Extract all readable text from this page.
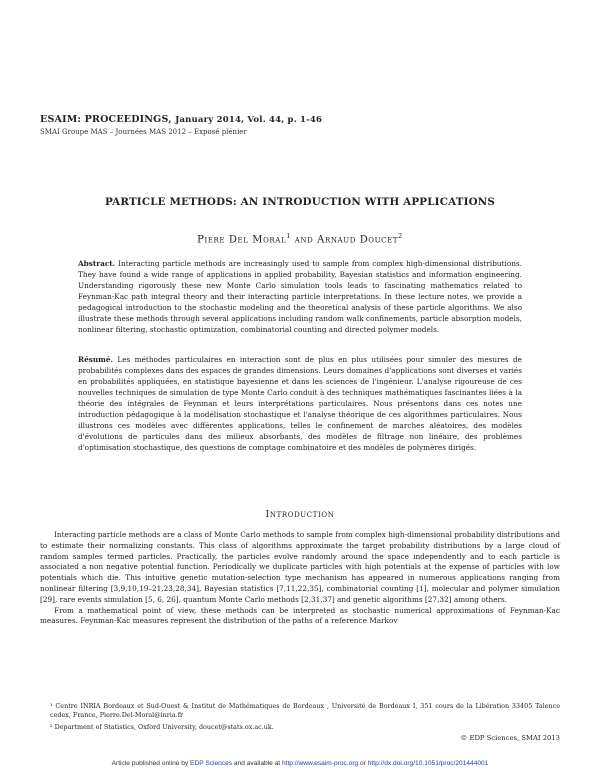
ESAIM: PROCEEDINGS, January 2014, Vol. 44, p. 1-46
SMAI Groupe MAS – Journées MAS 2012 – Exposé plénier
PARTICLE METHODS: AN INTRODUCTION WITH APPLICATIONS
Piere Del Moral$^1$ and Arnaud Doucet$^2$
Abstract. Interacting particle methods are increasingly used to sample from complex high-dimensional distributions. They have found a wide range of applications in applied probability, Bayesian statistics and information engineering. Understanding rigorously these new Monte Carlo simulation tools leads to fascinating mathematics related to Feynman-Kac path integral theory and their interacting particle interpretations. In these lecture notes, we provide a pedagogical introduction to the stochastic modeling and the theoretical analysis of these particle algorithms. We also illustrate these methods through several applications including random walk confinements, particle absorption models, nonlinear filtering, stochastic optimization, combinatorial counting and directed polymer models.
Résumé. Les méthodes particulaires en interaction sont de plus en plus utilisées pour simuler des mesures de probabilités complexes dans des espaces de grandes dimensions. Leurs domaines d'applications sont diverses et variés en probabilités appliquées, en statistique bayesienne et dans les sciences de l'ingénieur. L'analyse rigoureuse de ces nouvelles techniques de simulation de type Monte Carlo conduit à des techniques mathématiques fascinantes liées à la théorie des intégrales de Feynman et leurs interprétations particulaires. Nous présentons dans ces notes une introduction pédagogique à la modélisation stochastique et l'analyse théorique de ces algorithmes particulaires. Nous illustrons ces modèles avec différentes applications, telles le confinement de marches aléatoires, des modèles d'évolutions de particules dans des milieux absorbants, des modèles de filtrage non linéaire, des problèmes d'optimisation stochastique, des questions de comptage combinatoire et des modèles de polymères dirigés.
Introduction

Interacting particle methods are a class of Monte Carlo methods to sample from complex high-dimensional probability distributions and to estimate their normalizing constants. This class of algorithms approximate the target probability distributions by a large cloud of random samples termed particles. Practically, the particles evolve randomly around the space independently and to each particle is associated a non negative potential function. Periodically we duplicate particles with high potentials at the expense of particles with low potentials which die. This intuitive genetic mutation-selection type mechanism has appeared in numerous applications ranging from nonlinear filtering [3,9,10,19–21,23,28,34], Bayesian statistics [7,11,22,35], combinatorial counting [1], molecular and polymer simulation [29], rare events simulation [5, 6, 26], quantum Monte Carlo methods [2,31,37] and genetic algorithms [27,32] among others.

From a mathematical point of view, these methods can be interpreted as stochastic numerical approximations of Feynman-Kac measures. Feynman-Kac measures represent the distribution of the paths of a reference Markov

¹ Centre INRIA Bordeaux et Sud-Ouest & Institut de Mathématiques de Bordeaux , Université de Bordeaux I, 351 cours de la Libération 33405 Talence cedex, France, Pierre.Del-Moral@inria.fr

² Department of Statistics, Oxford University, doucet@stats.ox.ac.uk.

© EDP Sciences, SMAI 2013
Article published online by EDP Sciences and available at http://www.esaim-proc.org or http://dx.doi.org/10.1051/proc/201444001
